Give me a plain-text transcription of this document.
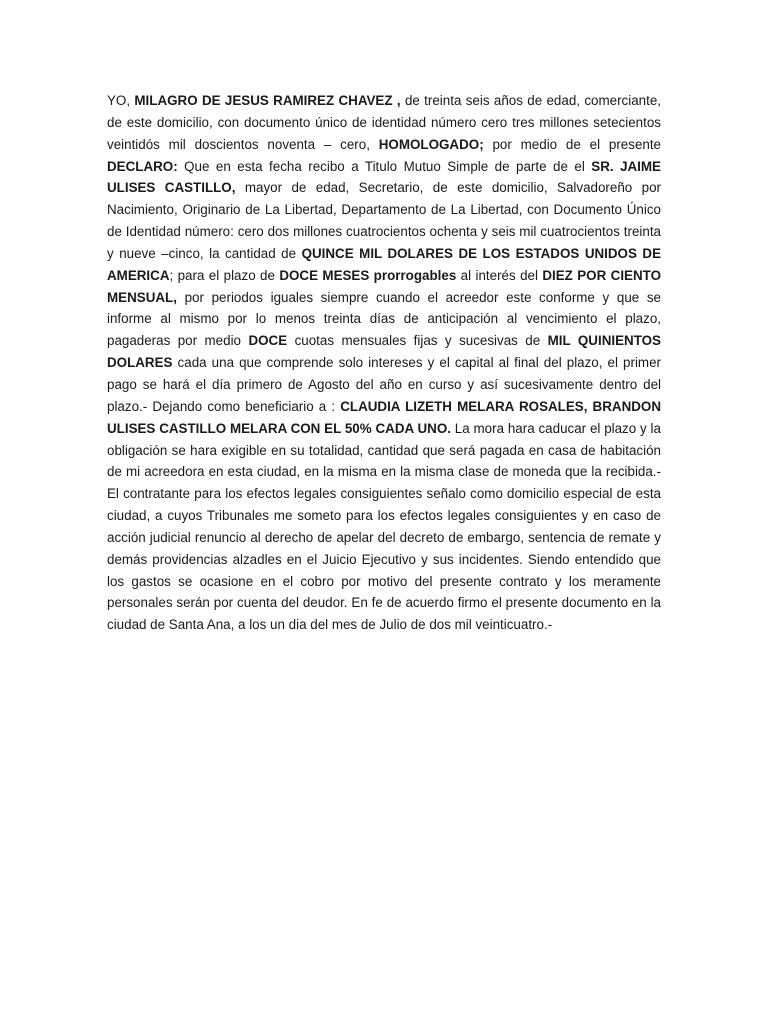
YO, MILAGRO DE JESUS RAMIREZ CHAVEZ , de treinta seis años de edad, comerciante, de este domicilio, con documento único de identidad número cero tres millones setecientos veintidós mil doscientos noventa – cero, HOMOLOGADO; por medio de el presente DECLARO: Que en esta fecha recibo a Titulo Mutuo Simple de parte de el SR. JAIME ULISES CASTILLO, mayor de edad, Secretario, de este domicilio, Salvadoreño por Nacimiento, Originario de La Libertad, Departamento de La Libertad, con Documento Único de Identidad número: cero dos millones cuatrocientos ochenta y seis mil cuatrocientos treinta y nueve –cinco, la cantidad de QUINCE MIL DOLARES DE LOS ESTADOS UNIDOS DE AMERICA; para el plazo de DOCE MESES prorrogables al interés del DIEZ POR CIENTO MENSUAL, por periodos iguales siempre cuando el acreedor este conforme y que se informe al mismo por lo menos treinta días de anticipación al vencimiento el plazo, pagaderas por medio DOCE cuotas mensuales fijas y sucesivas de MIL QUINIENTOS DOLARES cada una que comprende solo intereses y el capital al final del plazo, el primer pago se hará el día primero de Agosto del año en curso y así sucesivamente dentro del plazo.- Dejando como beneficiario a : CLAUDIA LIZETH MELARA ROSALES, BRANDON ULISES CASTILLO MELARA CON EL 50% CADA UNO. La mora hara caducar el plazo y la obligación se hara exigible en su totalidad, cantidad que será pagada en casa de habitación de mi acreedora en esta ciudad, en la misma en la misma clase de moneda que la recibida.- El contratante para los efectos legales consiguientes señalo como domicilio especial de esta ciudad, a cuyos Tribunales me someto para los efectos legales consiguientes y en caso de acción judicial renuncio al derecho de apelar del decreto de embargo, sentencia de remate y demás providencias alzadles en el Juicio Ejecutivo y sus incidentes. Siendo entendido que los gastos se ocasione en el cobro por motivo del presente contrato y los meramente personales serán por cuenta del deudor. En fe de acuerdo firmo el presente documento en la ciudad de Santa Ana, a los un dia del mes de Julio de dos mil veinticuatro.-
